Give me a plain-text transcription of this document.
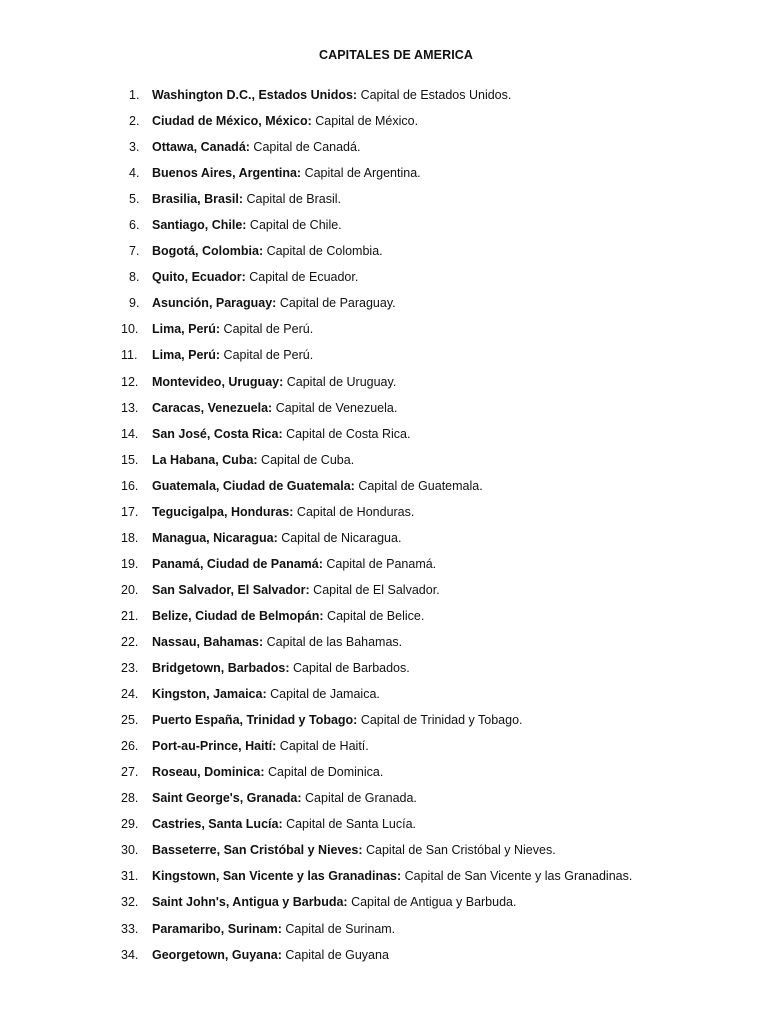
CAPITALES DE AMERICA
1.	Washington D.C., Estados Unidos: Capital de Estados Unidos.
2.	Ciudad de México, México: Capital de México.
3.	Ottawa, Canadá: Capital de Canadá.
4.	Buenos Aires, Argentina: Capital de Argentina.
5.	Brasilia, Brasil: Capital de Brasil.
6.	Santiago, Chile: Capital de Chile.
7.	Bogotá, Colombia: Capital de Colombia.
8.	Quito, Ecuador: Capital de Ecuador.
9.	Asunción, Paraguay: Capital de Paraguay.
10.	Lima, Perú: Capital de Perú.
11.	Lima, Perú: Capital de Perú.
12.	Montevideo, Uruguay: Capital de Uruguay.
13.	Caracas, Venezuela: Capital de Venezuela.
14.	San José, Costa Rica: Capital de Costa Rica.
15.	La Habana, Cuba: Capital de Cuba.
16.	Guatemala, Ciudad de Guatemala: Capital de Guatemala.
17.	Tegucigalpa, Honduras: Capital de Honduras.
18.	Managua, Nicaragua: Capital de Nicaragua.
19.	Panamá, Ciudad de Panamá: Capital de Panamá.
20.	San Salvador, El Salvador: Capital de El Salvador.
21.	Belize, Ciudad de Belmopán: Capital de Belice.
22.	Nassau, Bahamas: Capital de las Bahamas.
23.	Bridgetown, Barbados: Capital de Barbados.
24.	Kingston, Jamaica: Capital de Jamaica.
25.	Puerto España, Trinidad y Tobago: Capital de Trinidad y Tobago.
26.	Port-au-Prince, Haití: Capital de Haití.
27.	Roseau, Dominica: Capital de Dominica.
28.	Saint George's, Granada: Capital de Granada.
29.	Castries, Santa Lucía: Capital de Santa Lucía.
30.	Basseterre, San Cristóbal y Nieves: Capital de San Cristóbal y Nieves.
31.	Kingstown, San Vicente y las Granadinas: Capital de San Vicente y las Granadinas.
32.	Saint John's, Antigua y Barbuda: Capital de Antigua y Barbuda.
33.	Paramaribo, Surinam: Capital de Surinam.
34.	Georgetown, Guyana: Capital de Guyana
